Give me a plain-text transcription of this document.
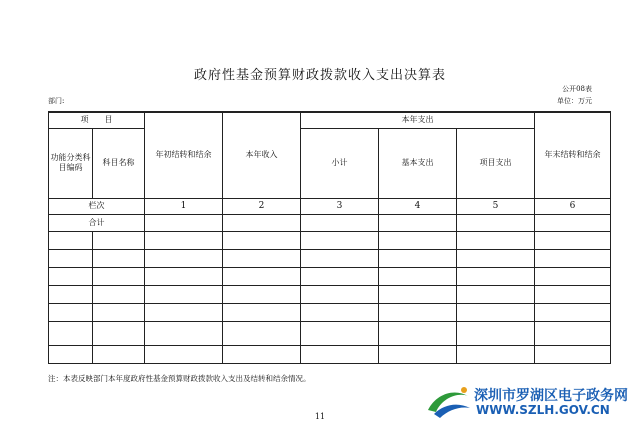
政府性基金预算财政拨款收入支出决算表
公开08表
部门:	单位：万元
项　　目		年初结转和结余	本年收入	本年支出			年末结转和结余
功能分类科目编码	科目名称			小计	基本支出	项目支出	
栏次		1	2	3	4	5	6
合计							

注：本表反映部门本年度政府性基金预算财政拨款收入支出及结转和结余情况。
11
深圳市罗湖区电子政务网
WWW.SZLH.GOV.CN
